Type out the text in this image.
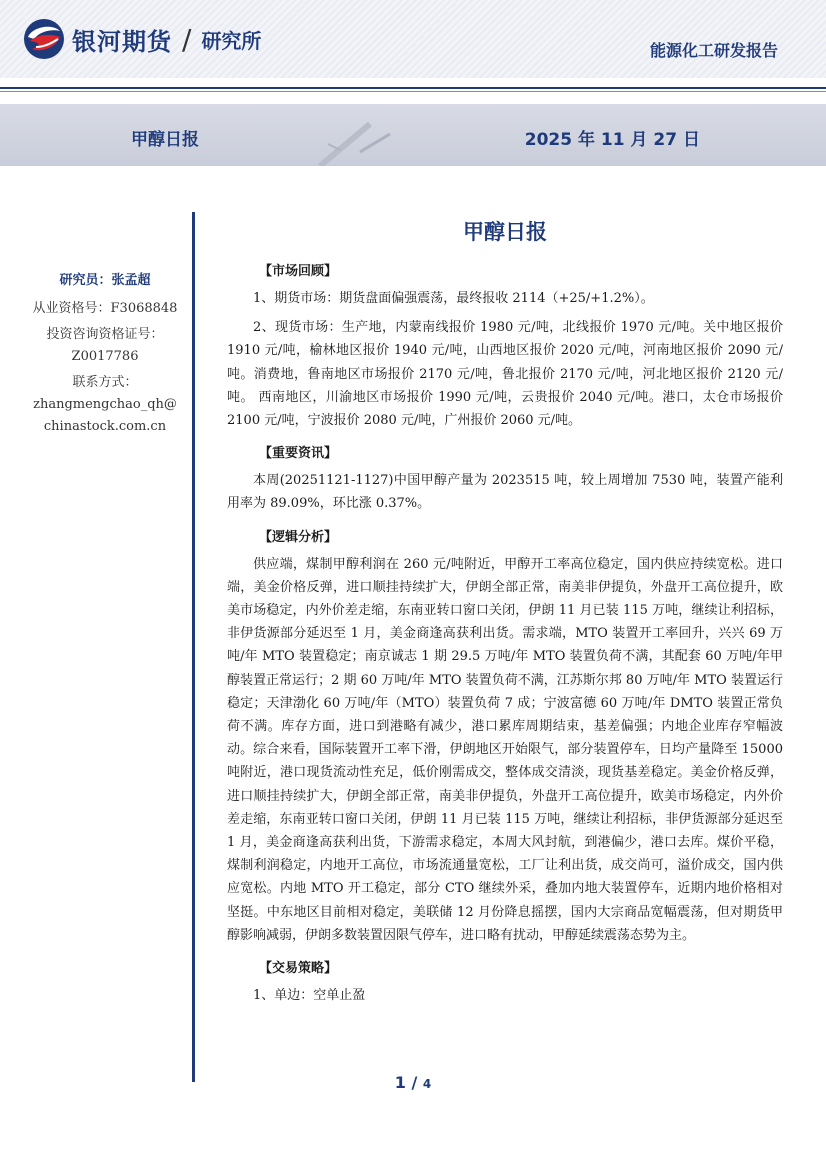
银河期货 / 研究所	能源化工研发报告
甲醇日报	2025 年 11 月 27 日
研究员：张孟超
从业资格号：F3068848
投资咨询资格证号：
Z0017786
联系方式：
zhangmengchao_qh@
chinastock.com.cn
甲醇日报
【市场回顾】

1、期货市场：期货盘面偏强震荡，最终报收 2114（+25/+1.2%）。

2、现货市场：生产地，内蒙南线报价 1980 元/吨，北线报价 1970 元/吨。关中地区报价 1910 元/吨，榆林地区报价 1940 元/吨，山西地区报价 2020 元/吨，河南地区报价 2090 元/吨。消费地，鲁南地区市场报价 2170 元/吨，鲁北报价 2170 元/吨，河北地区报价 2120 元/吨。 西南地区，川渝地区市场报价 1990 元/吨，云贵报价 2040 元/吨。港口，太仓市场报价 2100 元/吨，宁波报价 2080 元/吨，广州报价 2060 元/吨。

【重要资讯】

本周(20251121-1127)中国甲醇产量为 2023515 吨，较上周增加 7530 吨，装置产能利用率为 89.09%，环比涨 0.37%。

【逻辑分析】

供应端，煤制甲醇利润在 260 元/吨附近，甲醇开工率高位稳定，国内供应持续宽松。进口端，美金价格反弹，进口顺挂持续扩大，伊朗全部正常，南美非伊提负，外盘开工高位提升，欧美市场稳定，内外价差走缩，东南亚转口窗口关闭，伊朗 11 月已装 115 万吨，继续让利招标，非伊货源部分延迟至 1 月，美金商逢高获利出货。需求端，MTO 装置开工率回升，兴兴 69 万吨/年 MTO 装置稳定；南京诚志 1 期 29.5 万吨/年 MTO 装置负荷不满，其配套 60 万吨/年甲醇装置正常运行；2 期 60 万吨/年 MTO 装置负荷不满，江苏斯尔邦 80 万吨/年 MTO 装置运行稳定；天津渤化 60 万吨/年（MTO）装置负荷 7 成；宁波富德 60 万吨/年 DMTO 装置正常负荷不满。库存方面，进口到港略有减少，港口累库周期结束，基差偏强；内地企业库存窄幅波动。综合来看，国际装置开工率下滑，伊朗地区开始限气，部分装置停车，日均产量降至 15000 吨附近，港口现货流动性充足，低价刚需成交，整体成交清淡，现货基差稳定。美金价格反弹，进口顺挂持续扩大，伊朗全部正常，南美非伊提负，外盘开工高位提升，欧美市场稳定，内外价差走缩，东南亚转口窗口关闭，伊朗 11 月已装 115 万吨，继续让利招标，非伊货源部分延迟至 1 月，美金商逢高获利出货，下游需求稳定，本周大风封航，到港偏少，港口去库。煤价平稳，煤制利润稳定，内地开工高位，市场流通量宽松，工厂让利出货，成交尚可，溢价成交，国内供应宽松。内地 MTO 开工稳定，部分 CTO 继续外采，叠加内地大装置停车，近期内地价格相对坚挺。中东地区目前相对稳定，美联储 12 月份降息摇摆，国内大宗商品宽幅震荡，但对期货甲醇影响减弱，伊朗多数装置因限气停车，进口略有扰动，甲醇延续震荡态势为主。

【交易策略】

1、单边：空单止盈

1 / 4
